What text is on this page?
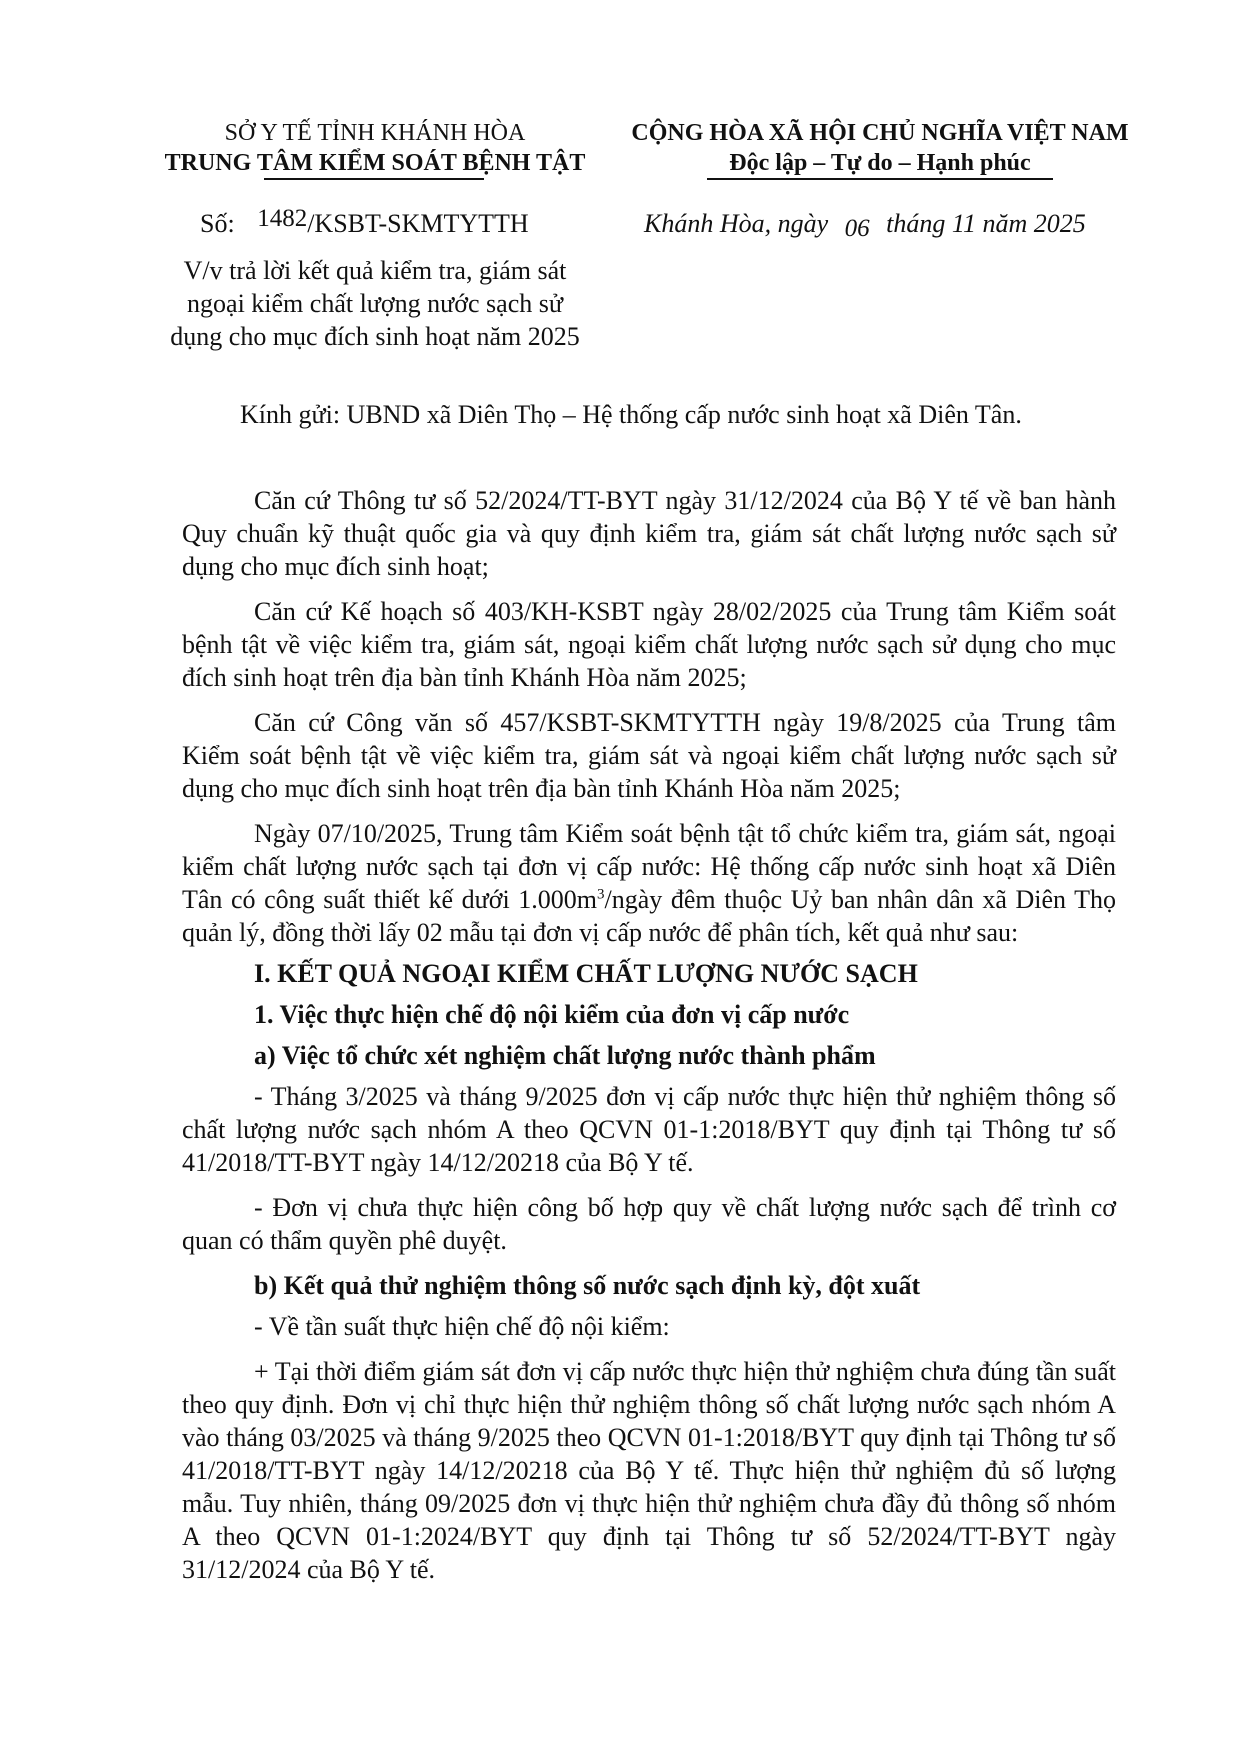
SỞ Y TẾ TỈNH KHÁNH HÒA
TRUNG TÂM KIỂM SOÁT BỆNH TẬT
CỘNG HÒA XÃ HỘI CHỦ NGHĨA VIỆT NAM
Độc lập – Tự do – Hạnh phúc
Số: 1482/KSBT-SKMTYTTH	Khánh Hòa, ngày 06 tháng 11 năm 2025
V/v trả lời kết quả kiểm tra, giám sát
ngoại kiểm chất lượng nước sạch sử
dụng cho mục đích sinh hoạt năm 2025
Kính gửi: UBND xã Diên Thọ – Hệ thống cấp nước sinh hoạt xã Diên Tân.

Căn cứ Thông tư số 52/2024/TT-BYT ngày 31/12/2024 của Bộ Y tế về ban hành Quy chuẩn kỹ thuật quốc gia và quy định kiểm tra, giám sát chất lượng nước sạch sử dụng cho mục đích sinh hoạt;

Căn cứ Kế hoạch số 403/KH-KSBT ngày 28/02/2025 của Trung tâm Kiểm soát bệnh tật về việc kiểm tra, giám sát, ngoại kiểm chất lượng nước sạch sử dụng cho mục đích sinh hoạt trên địa bàn tỉnh Khánh Hòa năm 2025;

Căn cứ Công văn số 457/KSBT-SKMTYTTH ngày 19/8/2025 của Trung tâm Kiểm soát bệnh tật về việc kiểm tra, giám sát và ngoại kiểm chất lượng nước sạch sử dụng cho mục đích sinh hoạt trên địa bàn tỉnh Khánh Hòa năm 2025;

Ngày 07/10/2025, Trung tâm Kiểm soát bệnh tật tổ chức kiểm tra, giám sát, ngoại kiểm chất lượng nước sạch tại đơn vị cấp nước: Hệ thống cấp nước sinh hoạt xã Diên Tân có công suất thiết kế dưới $1.000m^3$/ngày đêm thuộc Uỷ ban nhân dân xã Diên Thọ quản lý, đồng thời lấy 02 mẫu tại đơn vị cấp nước để phân tích, kết quả như sau:

I. KẾT QUẢ NGOẠI KIỂM CHẤT LƯỢNG NƯỚC SẠCH

1. Việc thực hiện chế độ nội kiểm của đơn vị cấp nước

a) Việc tổ chức xét nghiệm chất lượng nước thành phẩm

- Tháng 3/2025 và tháng 9/2025 đơn vị cấp nước thực hiện thử nghiệm thông số chất lượng nước sạch nhóm A theo QCVN 01-1:2018/BYT quy định tại Thông tư số 41/2018/TT-BYT ngày 14/12/20218 của Bộ Y tế.

- Đơn vị chưa thực hiện công bố hợp quy về chất lượng nước sạch để trình cơ quan có thẩm quyền phê duyệt.

b) Kết quả thử nghiệm thông số nước sạch định kỳ, đột xuất

- Về tần suất thực hiện chế độ nội kiểm:

+ Tại thời điểm giám sát đơn vị cấp nước thực hiện thử nghiệm chưa đúng tần suất theo quy định. Đơn vị chỉ thực hiện thử nghiệm thông số chất lượng nước sạch nhóm A vào tháng 03/2025 và tháng 9/2025 theo QCVN 01-1:2018/BYT quy định tại Thông tư số 41/2018/TT-BYT ngày 14/12/20218 của Bộ Y tế. Thực hiện thử nghiệm đủ số lượng mẫu. Tuy nhiên, tháng 09/2025 đơn vị thực hiện thử nghiệm chưa đầy đủ thông số nhóm A theo QCVN 01-1:2024/BYT quy định tại Thông tư số 52/2024/TT-BYT ngày 31/12/2024 của Bộ Y tế.
